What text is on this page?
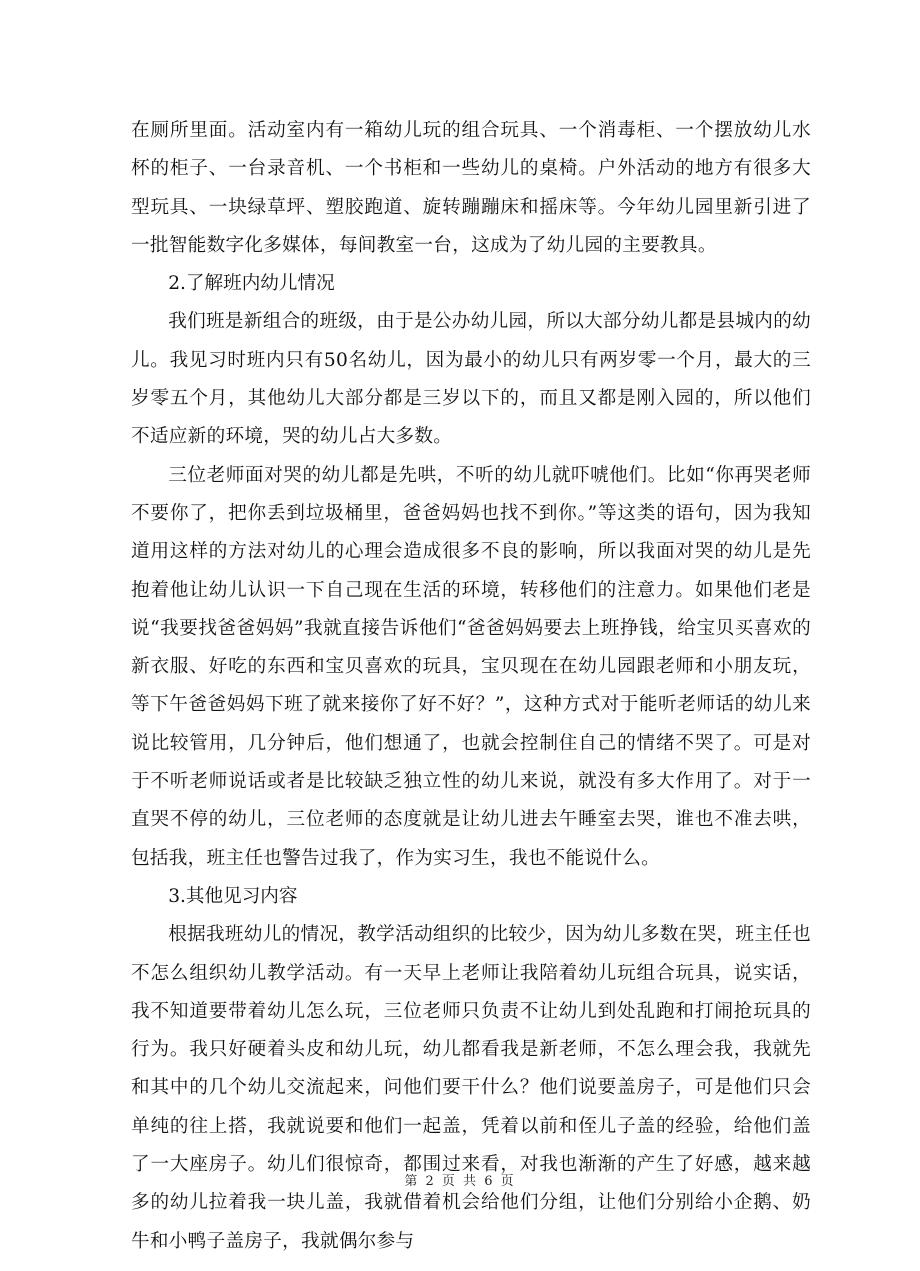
在厕所里面。活动室内有一箱幼儿玩的组合玩具、一个消毒柜、一个摆放幼儿水杯的柜子、一台录音机、一个书柜和一些幼儿的桌椅。户外活动的地方有很多大型玩具、一块绿草坪、塑胶跑道、旋转蹦蹦床和摇床等。今年幼儿园里新引进了一批智能数字化多媒体，每间教室一台，这成为了幼儿园的主要教具。

2.了解班内幼儿情况

我们班是新组合的班级，由于是公办幼儿园，所以大部分幼儿都是县城内的幼儿。我见习时班内只有50名幼儿，因为最小的幼儿只有两岁零一个月，最大的三岁零五个月，其他幼儿大部分都是三岁以下的，而且又都是刚入园的，所以他们不适应新的环境，哭的幼儿占大多数。

三位老师面对哭的幼儿都是先哄，不听的幼儿就吓唬他们。比如“你再哭老师不要你了，把你丢到垃圾桶里，爸爸妈妈也找不到你。”等这类的语句，因为我知道用这样的方法对幼儿的心理会造成很多不良的影响，所以我面对哭的幼儿是先抱着他让幼儿认识一下自己现在生活的环境，转移他们的注意力。如果他们老是说“我要找爸爸妈妈”我就直接告诉他们“爸爸妈妈要去上班挣钱，给宝贝买喜欢的新衣服、好吃的东西和宝贝喜欢的玩具，宝贝现在在幼儿园跟老师和小朋友玩，等下午爸爸妈妈下班了就来接你了好不好？”，这种方式对于能听老师话的幼儿来说比较管用，几分钟后，他们想通了，也就会控制住自己的情绪不哭了。可是对于不听老师说话或者是比较缺乏独立性的幼儿来说，就没有多大作用了。对于一直哭不停的幼儿，三位老师的态度就是让幼儿进去午睡室去哭，谁也不准去哄，包括我，班主任也警告过我了，作为实习生，我也不能说什么。

3.其他见习内容

根据我班幼儿的情况，教学活动组织的比较少，因为幼儿多数在哭，班主任也不怎么组织幼儿教学活动。有一天早上老师让我陪着幼儿玩组合玩具，说实话，我不知道要带着幼儿怎么玩，三位老师只负责不让幼儿到处乱跑和打闹抢玩具的行为。我只好硬着头皮和幼儿玩，幼儿都看我是新老师，不怎么理会我，我就先和其中的几个幼儿交流起来，问他们要干什么？他们说要盖房子，可是他们只会单纯的往上搭，我就说要和他们一起盖，凭着以前和侄儿子盖的经验，给他们盖了一大座房子。幼儿们很惊奇，都围过来看，对我也渐渐的产生了好感，越来越多的幼儿拉着我一块儿盖，我就借着机会给他们分组，让他们分别给小企鹅、奶牛和小鸭子盖房子，我就偶尔参与

第 2 页 共 6 页
